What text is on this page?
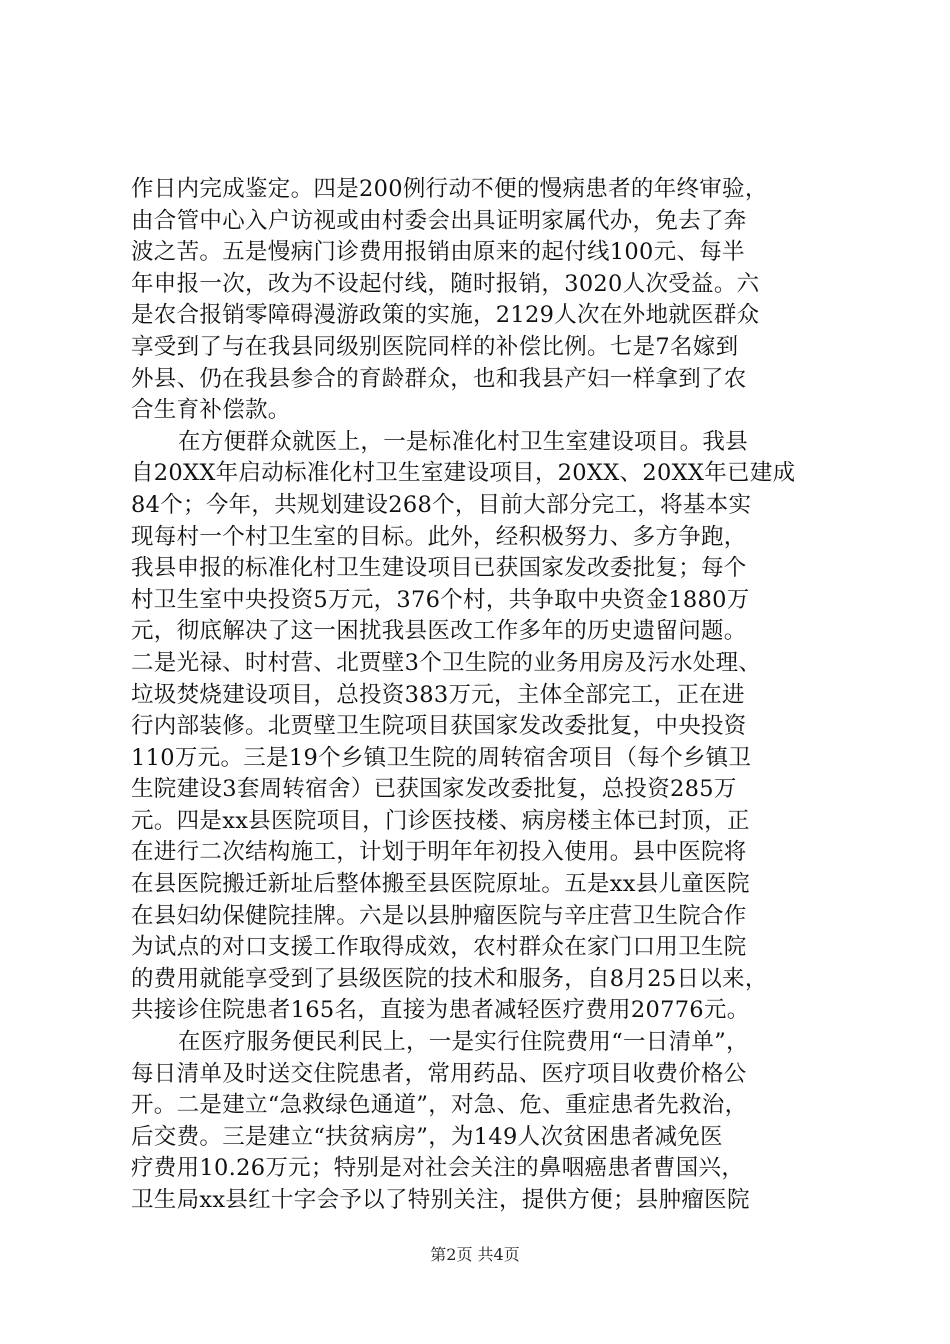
作日内完成鉴定。四是200例行动不便的慢病患者的年终审验，
由合管中心入户访视或由村委会出具证明家属代办，免去了奔
波之苦。五是慢病门诊费用报销由原来的起付线100元、每半
年申报一次，改为不设起付线，随时报销，3020人次受益。六
是农合报销零障碍漫游政策的实施，2129人次在外地就医群众
享受到了与在我县同级别医院同样的补偿比例。七是7名嫁到
外县、仍在我县参合的育龄群众，也和我县产妇一样拿到了农
合生育补偿款。
在方便群众就医上，一是标准化村卫生室建设项目。我县
自20XX年启动标准化村卫生室建设项目，20XX、20XX年已建成
84个；今年，共规划建设268个，目前大部分完工，将基本实
现每村一个村卫生室的目标。此外，经积极努力、多方争跑，
我县申报的标准化村卫生建设项目已获国家发改委批复；每个
村卫生室中央投资5万元，376个村，共争取中央资金1880万
元，彻底解决了这一困扰我县医改工作多年的历史遗留问题。
二是光禄、时村营、北贾壁3个卫生院的业务用房及污水处理、
垃圾焚烧建设项目，总投资383万元，主体全部完工，正在进
行内部装修。北贾壁卫生院项目获国家发改委批复，中央投资
110万元。三是19个乡镇卫生院的周转宿舍项目（每个乡镇卫
生院建设3套周转宿舍）已获国家发改委批复，总投资285万
元。四是xx县医院项目，门诊医技楼、病房楼主体已封顶，正
在进行二次结构施工，计划于明年年初投入使用。县中医院将
在县医院搬迁新址后整体搬至县医院原址。五是xx县儿童医院
在县妇幼保健院挂牌。六是以县肿瘤医院与辛庄营卫生院合作
为试点的对口支援工作取得成效，农村群众在家门口用卫生院
的费用就能享受到了县级医院的技术和服务，自8月25日以来，
共接诊住院患者165名，直接为患者减轻医疗费用20776元。
在医疗服务便民利民上，一是实行住院费用“一日清单”，
每日清单及时送交住院患者，常用药品、医疗项目收费价格公
开。二是建立“急救绿色通道”，对急、危、重症患者先救治，
后交费。三是建立“扶贫病房”，为149人次贫困患者减免医
疗费用10.26万元；特别是对社会关注的鼻咽癌患者曹国兴，
卫生局xx县红十字会予以了特别关注，提供方便；县肿瘤医院
第2页 共4页
